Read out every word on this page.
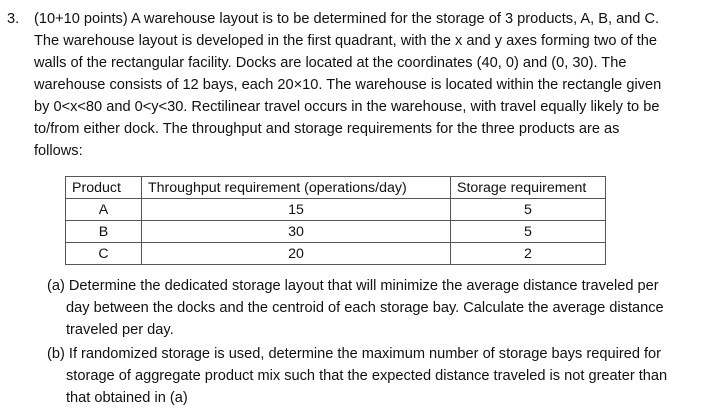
3. (10+10 points) A warehouse layout is to be determined for the storage of 3 products, A, B, and C.
The warehouse layout is developed in the first quadrant, with the x and y axes forming two of the
walls of the rectangular facility. Docks are located at the coordinates (40, 0) and (0, 30). The
warehouse consists of 12 bays, each 20×10. The warehouse is located within the rectangle given
by 0<x<80 and 0<y<30. Rectilinear travel occurs in the warehouse, with travel equally likely to be
to/from either dock. The throughput and storage requirements for the three products are as
follows:
Product	Throughput requirement (operations/day)	Storage requirement
A	15	5
B	30	5
C	20	2
(a) Determine the dedicated storage layout that will minimize the average distance traveled per
day between the docks and the centroid of each storage bay. Calculate the average distance
traveled per day.
(b) If randomized storage is used, determine the maximum number of storage bays required for
storage of aggregate product mix such that the expected distance traveled is not greater than
that obtained in (a)
